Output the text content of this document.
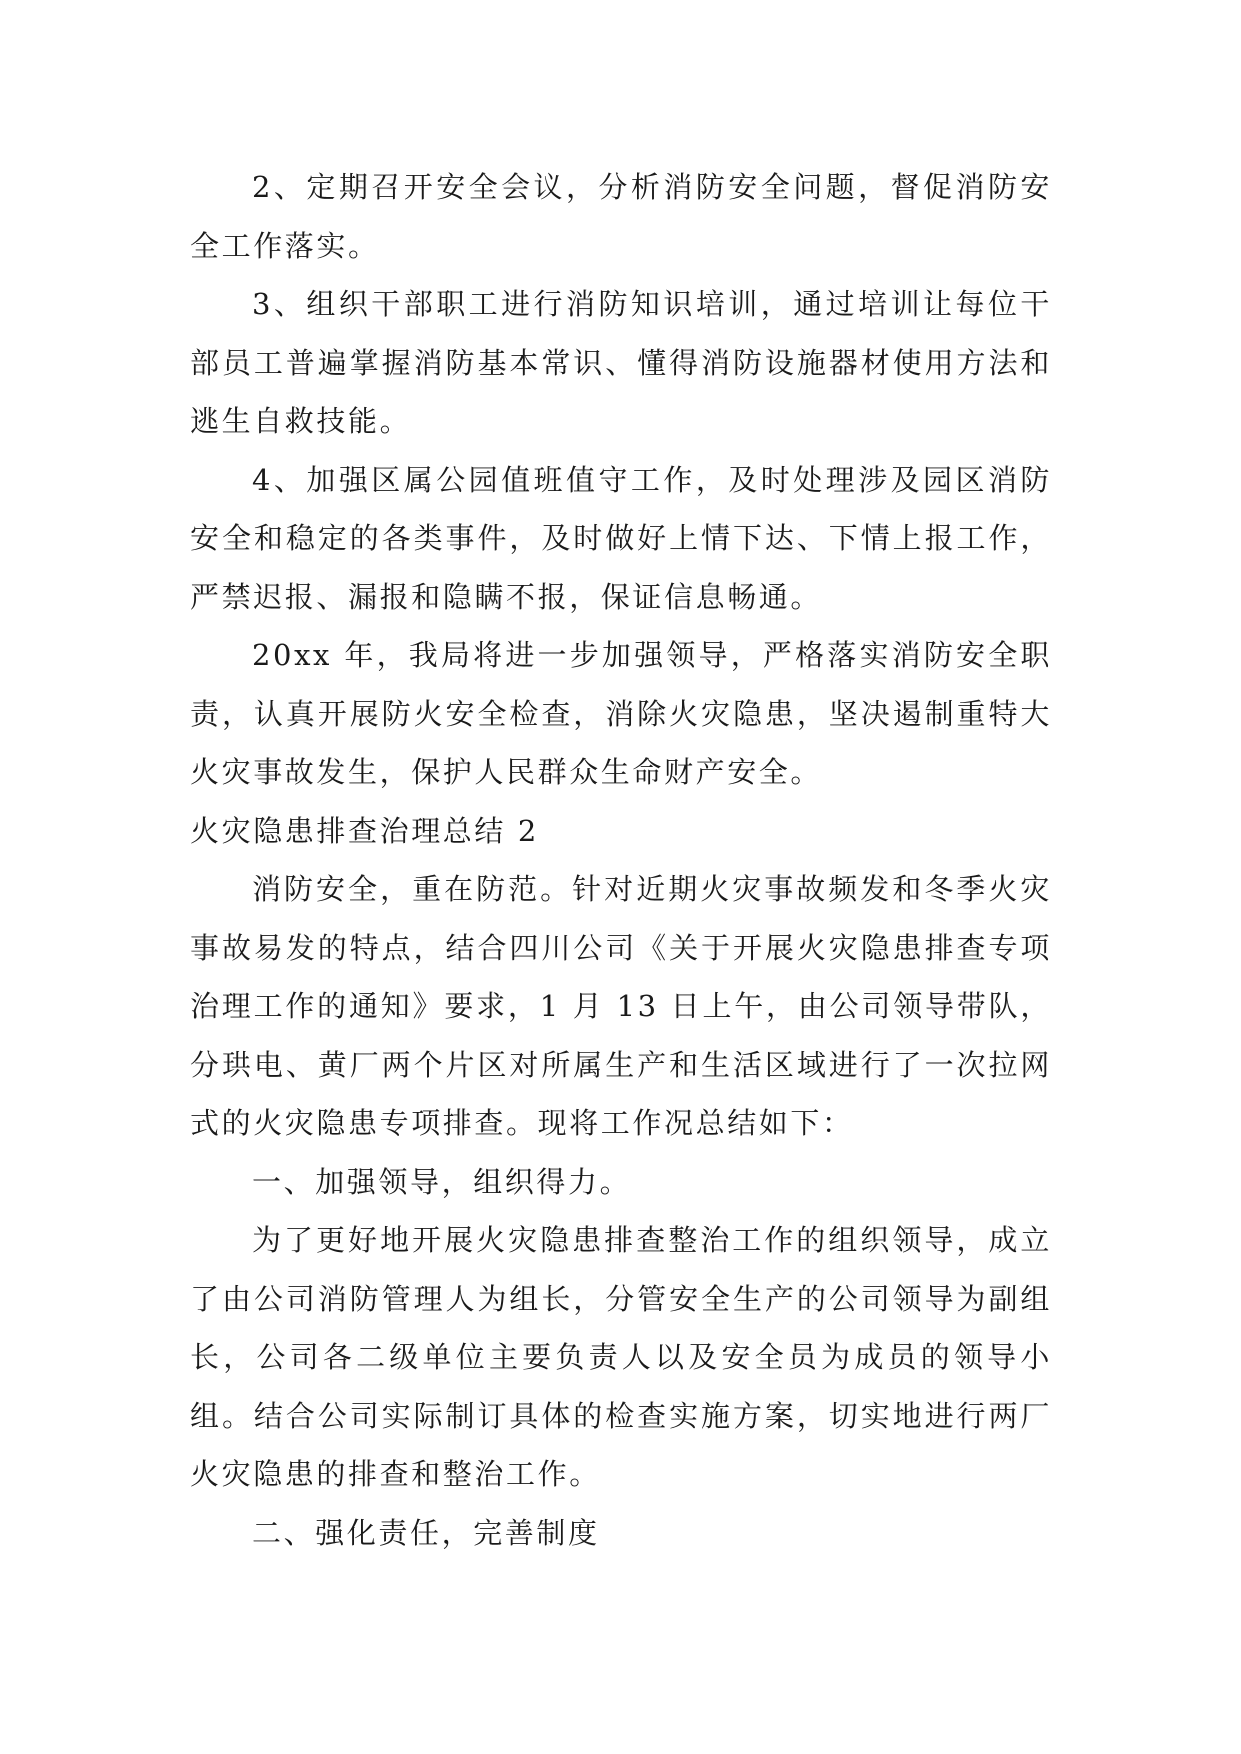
2、定期召开安全会议，分析消防安全问题，督促消防安全工作落实。

3、组织干部职工进行消防知识培训，通过培训让每位干部员工普遍掌握消防基本常识、懂得消防设施器材使用方法和逃生自救技能。

4、加强区属公园值班值守工作，及时处理涉及园区消防安全和稳定的各类事件，及时做好上情下达、下情上报工作，严禁迟报、漏报和隐瞒不报，保证信息畅通。

20xx 年，我局将进一步加强领导，严格落实消防安全职责，认真开展防火安全检查，消除火灾隐患，坚决遏制重特大火灾事故发生，保护人民群众生命财产安全。

火灾隐患排查治理总结 2

消防安全，重在防范。针对近期火灾事故频发和冬季火灾事故易发的特点，结合四川公司《关于开展火灾隐患排查专项治理工作的通知》要求，1 月 13 日上午，由公司领导带队，分珙电、黄厂两个片区对所属生产和生活区域进行了一次拉网式的火灾隐患专项排查。现将工作况总结如下：

一、加强领导，组织得力。

为了更好地开展火灾隐患排查整治工作的组织领导，成立了由公司消防管理人为组长，分管安全生产的公司领导为副组长，公司各二级单位主要负责人以及安全员为成员的领导小组。结合公司实际制订具体的检查实施方案，切实地进行两厂火灾隐患的排查和整治工作。

二、强化责任，完善制度
